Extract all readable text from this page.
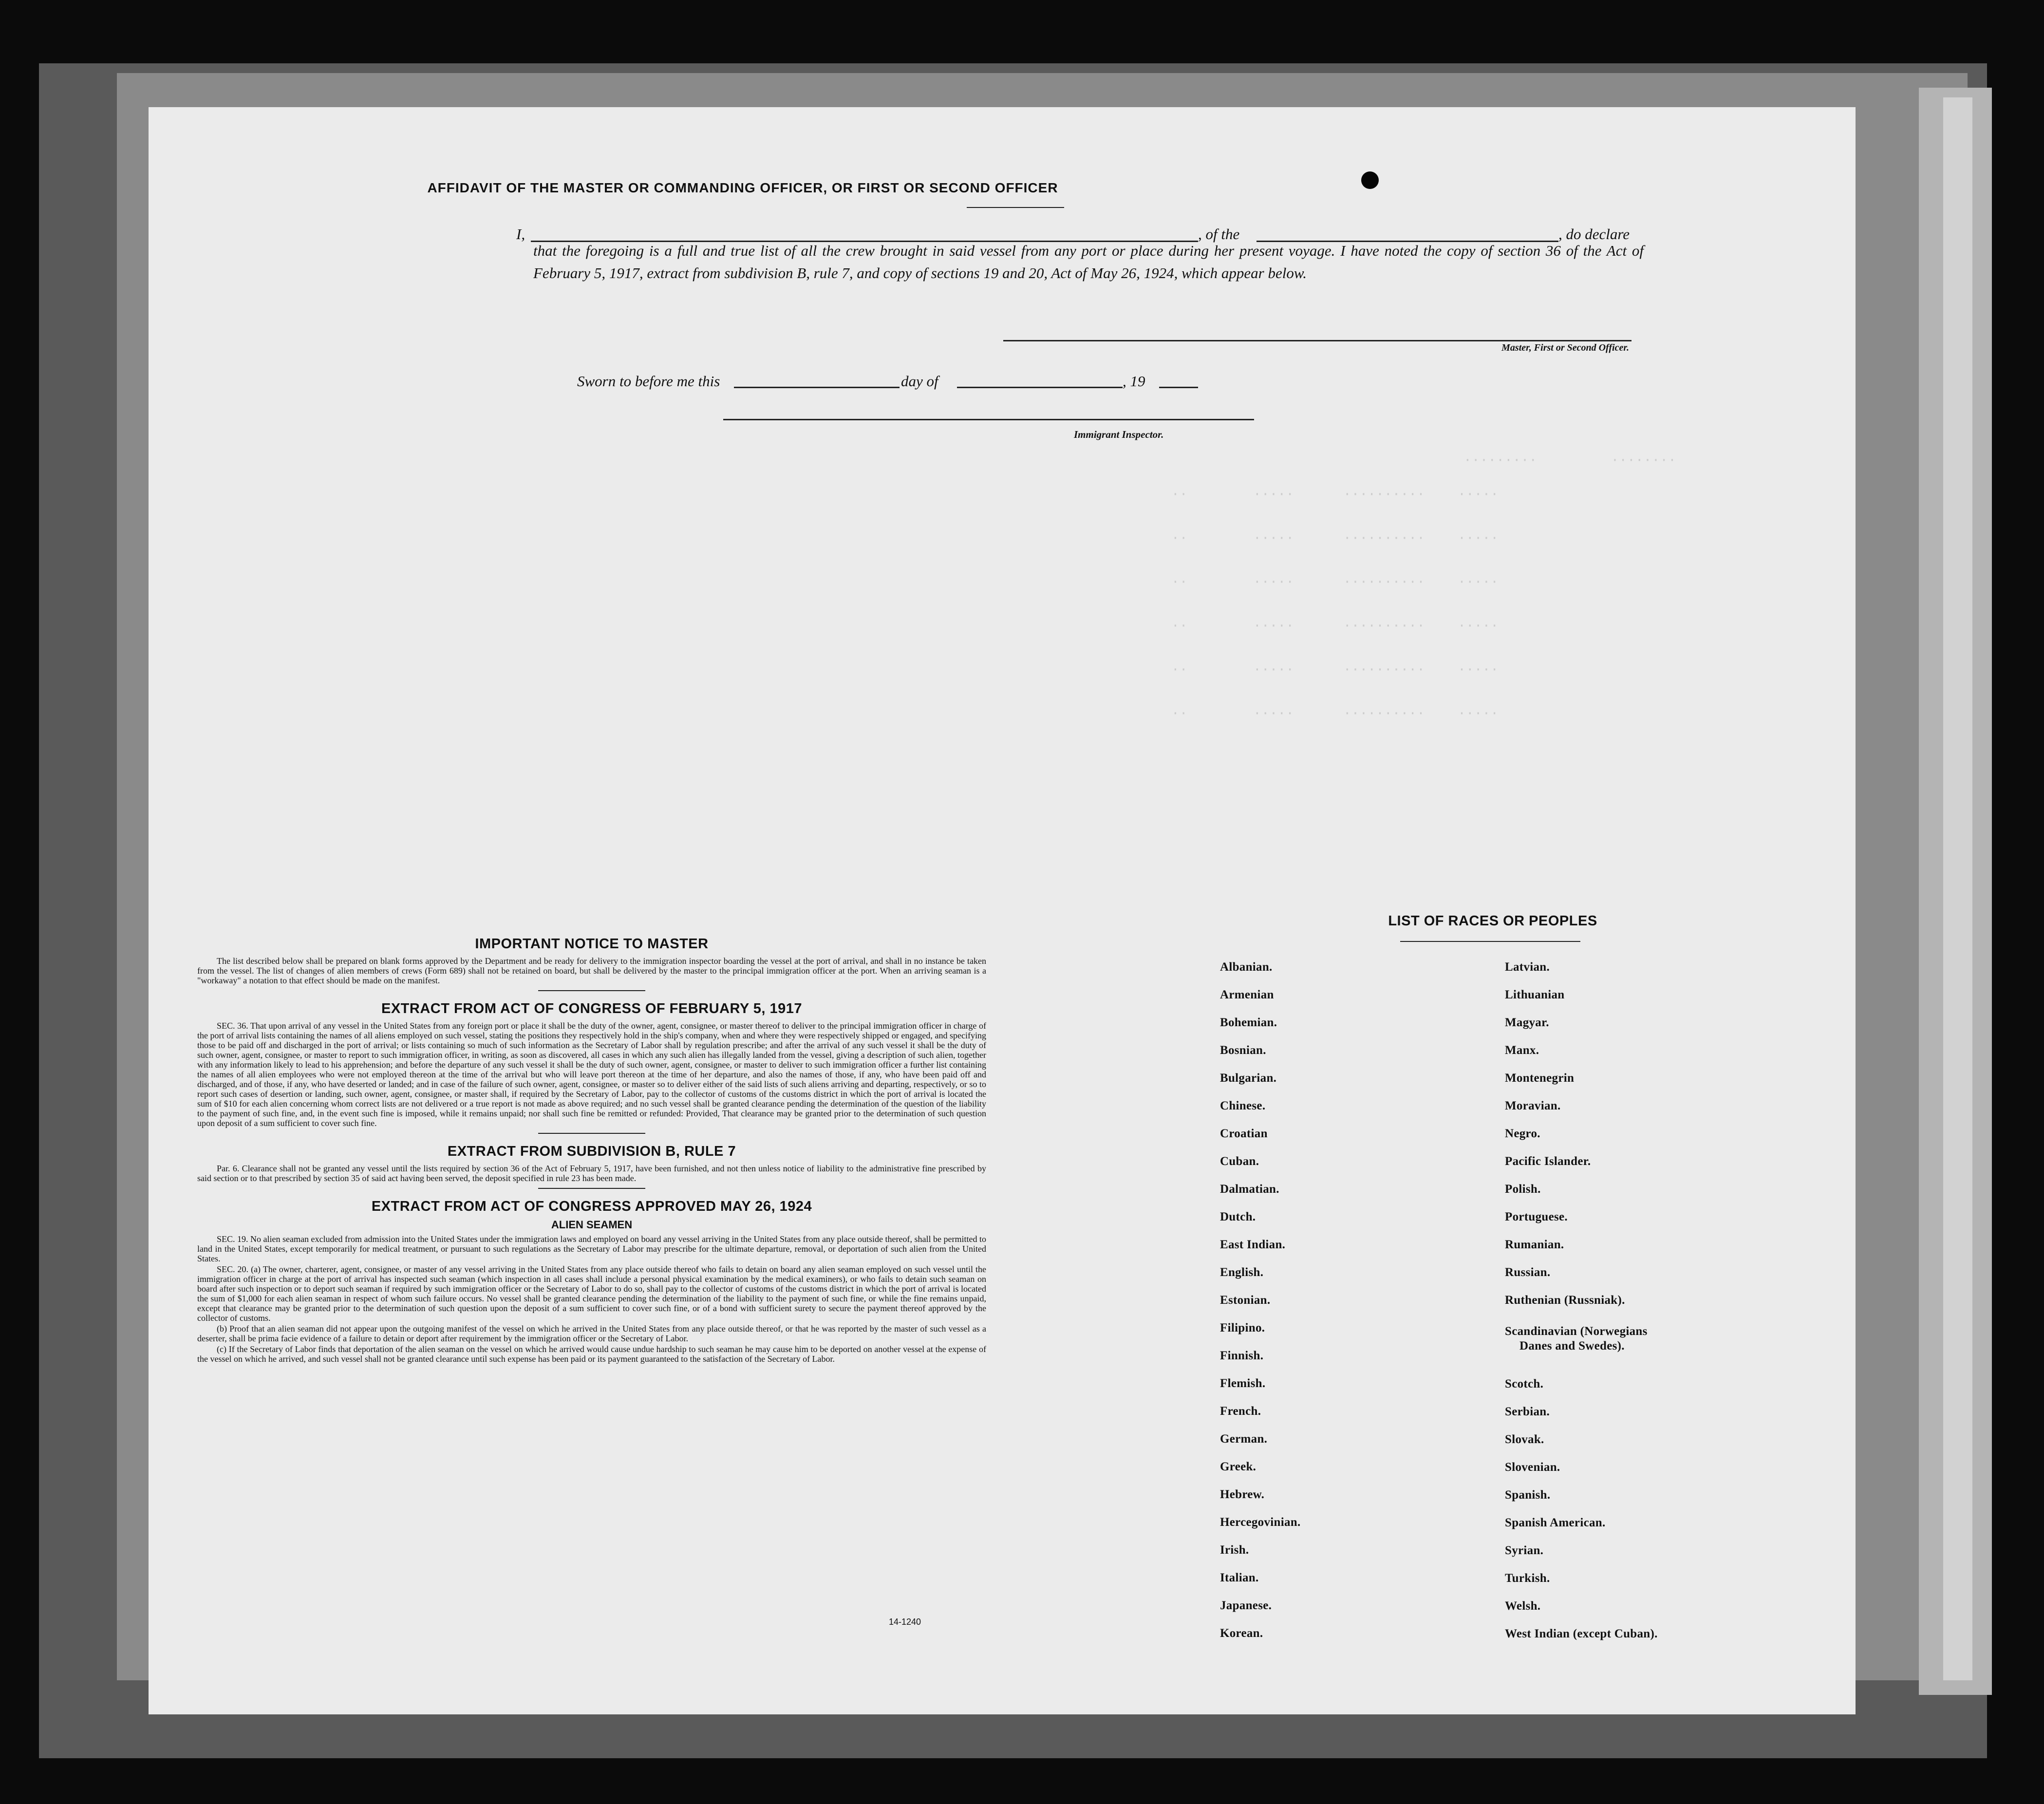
·········         ········
··        ·····      ··········    ·····
··        ·····      ··········    ·····
··        ·····      ··········    ·····
··        ·····      ··········    ·····
··        ·····      ··········    ·····
··        ·····      ··········    ·····
AFFIDAVIT OF THE MASTER OR COMMANDING OFFICER, OR FIRST OR SECOND OFFICER
I,	, of the	, do declare

that the foregoing is a full and true list of all the crew brought in said vessel from any port or place during her present voyage. I have noted the copy of section 36 of the Act of February 5, 1917, extract from subdivision B, rule 7, and copy of sections 19 and 20, Act of May 26, 1924, which appear below.

Master, First or Second Officer.
Sworn to before me this	day of	, 19
Immigrant Inspector.
IMPORTANT NOTICE TO MASTER

The list described below shall be prepared on blank forms approved by the Department and be ready for delivery to the immigration inspector boarding the vessel at the port of arrival, and shall in no instance be taken from the vessel. The list of changes of alien members of crews (Form 689) shall not be retained on board, but shall be delivered by the master to the principal immigration officer at the port. When an arriving seaman is a "workaway" a notation to that effect should be made on the manifest.

EXTRACT FROM ACT OF CONGRESS OF FEBRUARY 5, 1917

SEC. 36. That upon arrival of any vessel in the United States from any foreign port or place it shall be the duty of the owner, agent, consignee, or master thereof to deliver to the principal immigration officer in charge of the port of arrival lists containing the names of all aliens employed on such vessel, stating the positions they respectively hold in the ship's company, when and where they were respectively shipped or engaged, and specifying those to be paid off and discharged in the port of arrival; or lists containing so much of such information as the Secretary of Labor shall by regulation prescribe; and after the arrival of any such vessel it shall be the duty of such owner, agent, consignee, or master to report to such immigration officer, in writing, as soon as discovered, all cases in which any such alien has illegally landed from the vessel, giving a description of such alien, together with any information likely to lead to his apprehension; and before the departure of any such vessel it shall be the duty of such owner, agent, consignee, or master to deliver to such immigration officer a further list containing the names of all alien employees who were not employed thereon at the time of the arrival but who will leave port thereon at the time of her departure, and also the names of those, if any, who have been paid off and discharged, and of those, if any, who have deserted or landed; and in case of the failure of such owner, agent, consignee, or master so to deliver either of the said lists of such aliens arriving and departing, respectively, or so to report such cases of desertion or landing, such owner, agent, consignee, or master shall, if required by the Secretary of Labor, pay to the collector of customs of the customs district in which the port of arrival is located the sum of $10 for each alien concerning whom correct lists are not delivered or a true report is not made as above required; and no such vessel shall be granted clearance pending the determination of the question of the liability to the payment of such fine, and, in the event such fine is imposed, while it remains unpaid; nor shall such fine be remitted or refunded: Provided, That clearance may be granted prior to the determination of such question upon deposit of a sum sufficient to cover such fine.

EXTRACT FROM SUBDIVISION B, RULE 7

Par. 6. Clearance shall not be granted any vessel until the lists required by section 36 of the Act of February 5, 1917, have been furnished, and not then unless notice of liability to the administrative fine prescribed by said section or to that prescribed by section 35 of said act having been served, the deposit specified in rule 23 has been made.

EXTRACT FROM ACT OF CONGRESS APPROVED MAY 26, 1924
ALIEN SEAMEN

SEC. 19. No alien seaman excluded from admission into the United States under the immigration laws and employed on board any vessel arriving in the United States from any place outside thereof, shall be permitted to land in the United States, except temporarily for medical treatment, or pursuant to such regulations as the Secretary of Labor may prescribe for the ultimate departure, removal, or deportation of such alien from the United States.

SEC. 20. (a) The owner, charterer, agent, consignee, or master of any vessel arriving in the United States from any place outside thereof who fails to detain on board any alien seaman employed on such vessel until the immigration officer in charge at the port of arrival has inspected such seaman (which inspection in all cases shall include a personal physical examination by the medical examiners), or who fails to detain such seaman on board after such inspection or to deport such seaman if required by such immigration officer or the Secretary of Labor to do so, shall pay to the collector of customs of the customs district in which the port of arrival is located the sum of $1,000 for each alien seaman in respect of whom such failure occurs. No vessel shall be granted clearance pending the determination of the liability to the payment of such fine, or while the fine remains unpaid, except that clearance may be granted prior to the determination of such question upon the deposit of a sum sufficient to cover such fine, or of a bond with sufficient surety to secure the payment thereof approved by the collector of customs.

(b) Proof that an alien seaman did not appear upon the outgoing manifest of the vessel on which he arrived in the United States from any place outside thereof, or that he was reported by the master of such vessel as a deserter, shall be prima facie evidence of a failure to detain or deport after requirement by the immigration officer or the Secretary of Labor.

(c) If the Secretary of Labor finds that deportation of the alien seaman on the vessel on which he arrived would cause undue hardship to such seaman he may cause him to be deported on another vessel at the expense of the vessel on which he arrived, and such vessel shall not be granted clearance until such expense has been paid or its payment guaranteed to the satisfaction of the Secretary of Labor.

14-1240
LIST OF RACES OR PEOPLES
Albanian.
Armenian
Bohemian.
Bosnian.
Bulgarian.
Chinese.
Croatian
Cuban.
Dalmatian.
Dutch.
East Indian.
English.
Estonian.
Filipino.
Finnish.
Flemish.
French.
German.
Greek.
Hebrew.
Hercegovinian.
Irish.
Italian.
Japanese.
Korean.
Latvian.
Lithuanian
Magyar.
Manx.
Montenegrin
Moravian.
Negro.
Pacific Islander.
Polish.
Portuguese.
Rumanian.
Russian.
Ruthenian (Russniak).
Scandinavian (Norwegians
Danes and Swedes).
Scotch.
Serbian.
Slovak.
Slovenian.
Spanish.
Spanish American.
Syrian.
Turkish.
Welsh.
West Indian (except Cuban).
